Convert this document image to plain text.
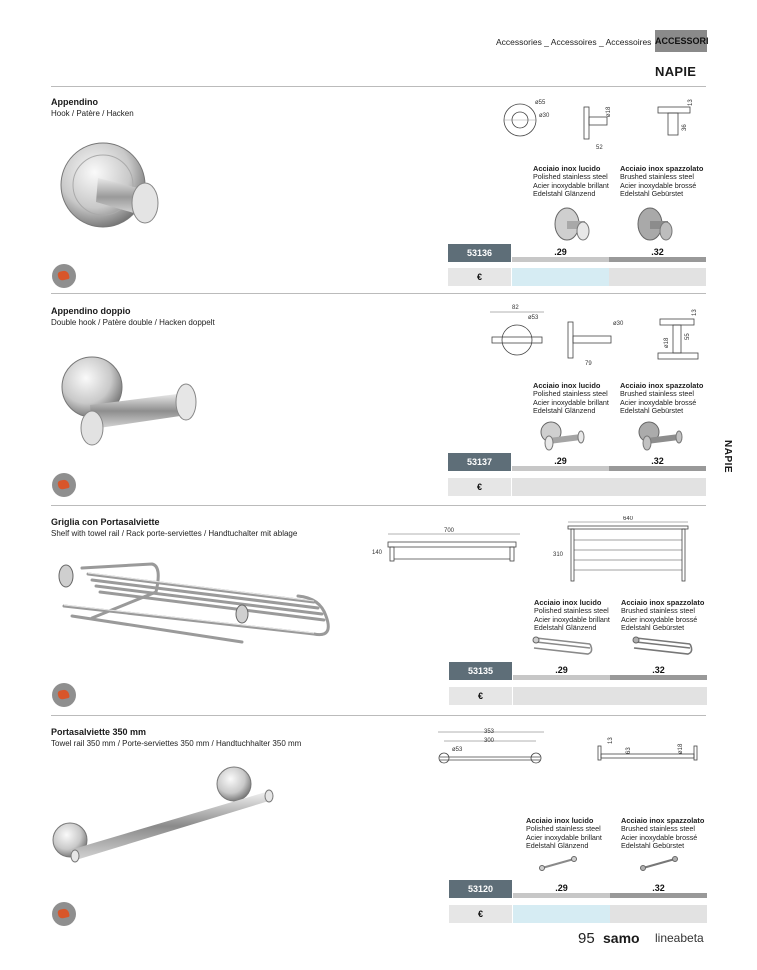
Accessories _ Accessoires _ Accessoires ACCESSORI
NAPIE
NAPIE
Appendino
Hook / Patère / Hacken
ø55
ø30	ø18
52
13
36
Acciaio inox lucido
Polished stainless steel
Acier inoxydable brillant
Edelstahl Glänzend
Acciaio inox spazzolato
Brushed stainless steel
Acier inoxydable brossé
Edelstahl Gebürstet
53136	.29	.32
€
Appendino doppio
Double hook / Patère double / Hacken doppelt
82
ø53
ø30
79
13
ø18
55
Acciaio inox lucido
Polished stainless steel
Acier inoxydable brillant
Edelstahl Glänzend
Acciaio inox spazzolato
Brushed stainless steel
Acier inoxydable brossé
Edelstahl Gebürstet
53137	.29	.32
€
Griglia con Portasalviette
Shelf with towel rail / Rack porte-serviettes / Handtuchalter mit ablage	700
140
640
310
Acciaio inox lucido
Polished stainless steel
Acier inoxydable brillant
Edelstahl Glänzend
Acciaio inox spazzolato
Brushed stainless steel
Acier inoxydable brossé
Edelstahl Gebürstet
53135	.29	.32
€
Portasalviette 350 mm
Towel rail 350 mm / Porte-serviettes 350 mm / Handtuchhalter 350 mm
353
300
ø53
13
63	ø18
Acciaio inox lucido
Polished stainless steel
Acier inoxydable brillant
Edelstahl Glänzend
Acciaio inox spazzolato
Brushed stainless steel
Acier inoxydable brossé
Edelstahl Gebürstet
53120	.29	.32
€
95 samo lineabeta
